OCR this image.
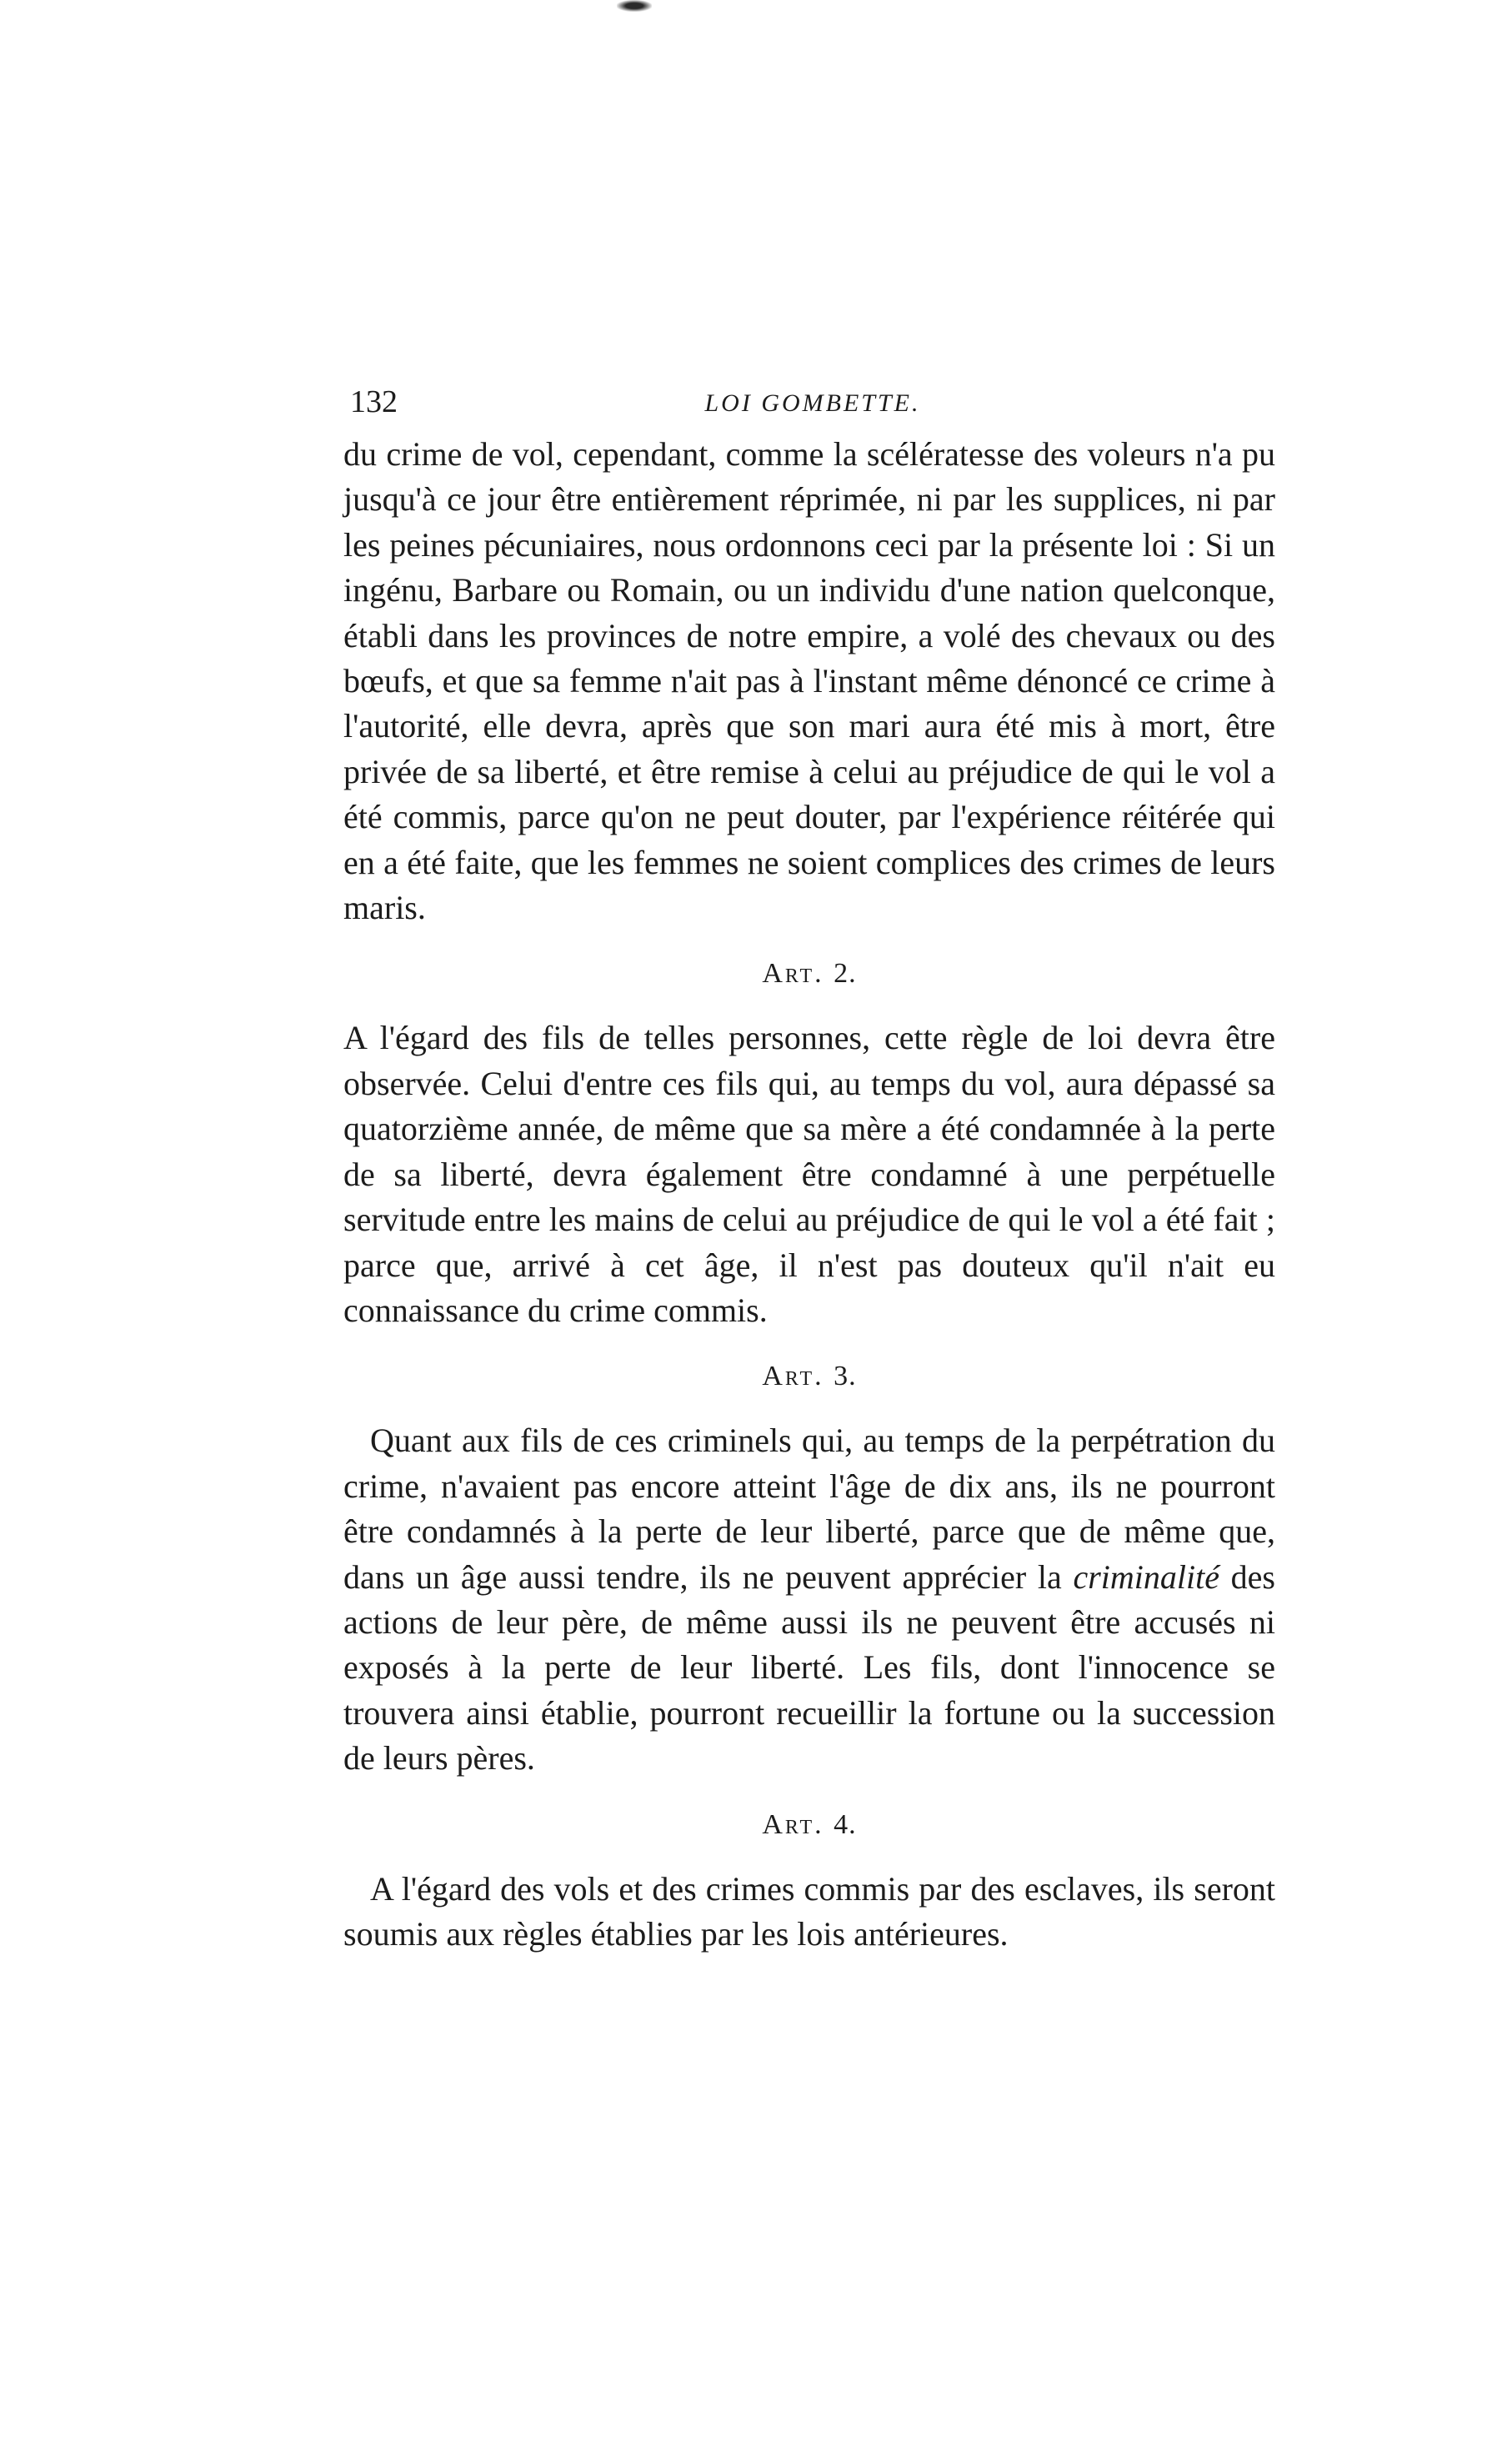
132	LOI GOMBETTE.

du crime de vol, cependant, comme la scélératesse des voleurs n'a pu jusqu'à ce jour être entièrement réprimée, ni par les supplices, ni par les peines pécuniaires, nous ordonnons ceci par la présente loi : Si un ingénu, Barbare ou Romain, ou un individu d'une nation quelconque, établi dans les provinces de notre empire, a volé des chevaux ou des bœufs, et que sa femme n'ait pas à l'instant même dénoncé ce crime à l'autorité, elle devra, après que son mari aura été mis à mort, être privée de sa liberté, et être remise à celui au préjudice de qui le vol a été commis, parce qu'on ne peut douter, par l'expérience réitérée qui en a été faite, que les femmes ne soient complices des crimes de leurs maris.

Art. 2.

A l'égard des fils de telles personnes, cette règle de loi devra être observée. Celui d'entre ces fils qui, au temps du vol, aura dépassé sa quatorzième année, de même que sa mère a été condamnée à la perte de sa liberté, devra également être condamné à une perpétuelle servitude entre les mains de celui au préjudice de qui le vol a été fait ; parce que, arrivé à cet âge, il n'est pas douteux qu'il n'ait eu connaissance du crime commis.

Art. 3.

Quant aux fils de ces criminels qui, au temps de la perpétration du crime, n'avaient pas encore atteint l'âge de dix ans, ils ne pourront être condamnés à la perte de leur liberté, parce que de même que, dans un âge aussi tendre, ils ne peuvent apprécier la criminalité des actions de leur père, de même aussi ils ne peuvent être accusés ni exposés à la perte de leur liberté. Les fils, dont l'innocence se trouvera ainsi établie, pourront recueillir la fortune ou la succession de leurs pères.

Art. 4.

A l'égard des vols et des crimes commis par des esclaves, ils seront soumis aux règles établies par les lois antérieures.
